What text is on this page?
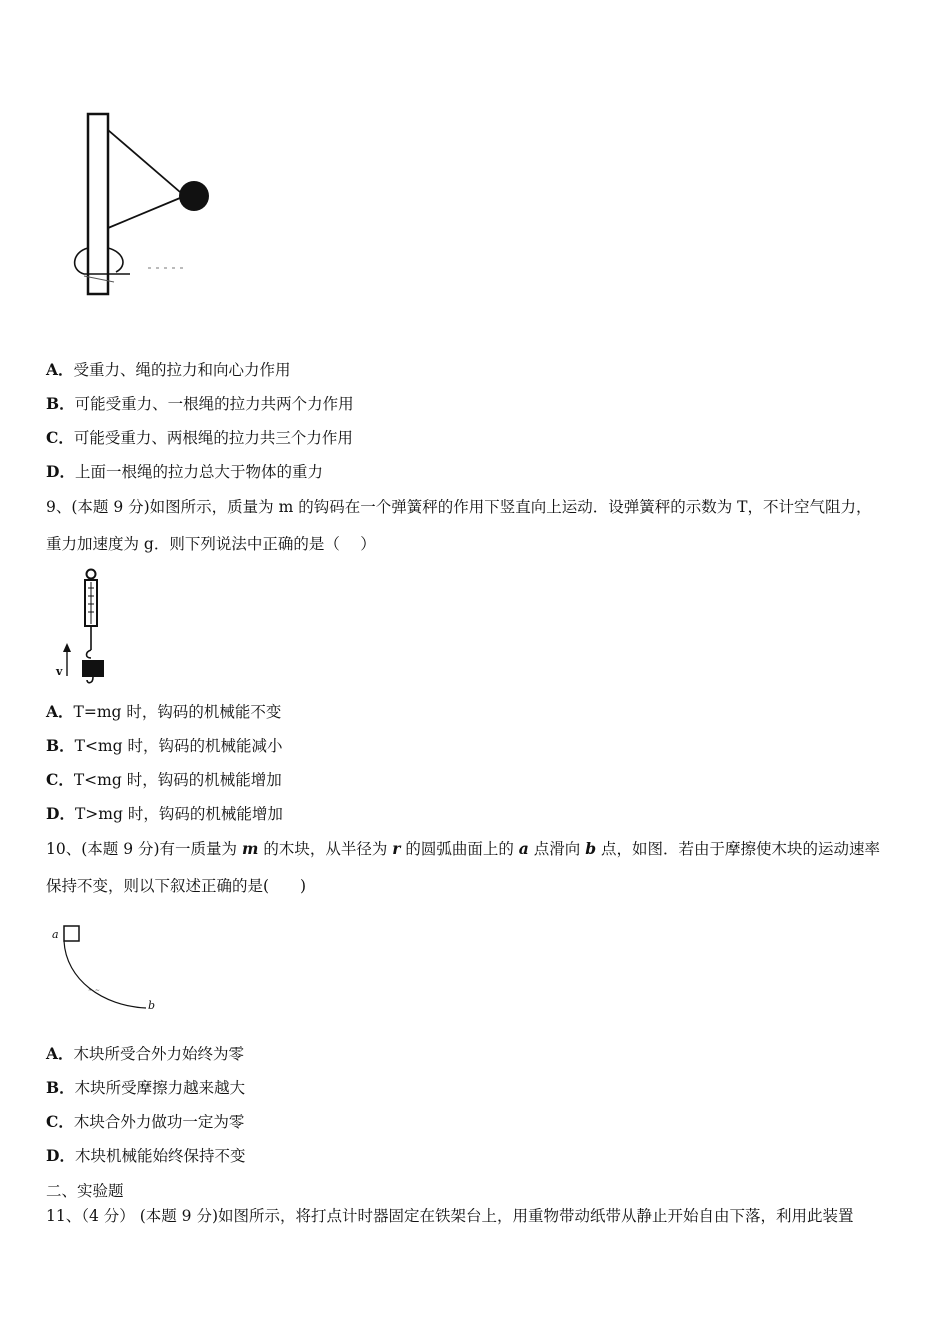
A．受重力、绳的拉力和向心力作用
B．可能受重力、一根绳的拉力共两个力作用
C．可能受重力、两根绳的拉力共三个力作用
D．上面一根绳的拉力总大于物体的重力
9、(本题 9 分)如图所示，质量为 m 的钩码在一个弹簧秤的作用下竖直向上运动．设弹簧秤的示数为 T，不计空气阻力，
重力加速度为 g．则下列说法中正确的是（　 ）
v
A．T=mg 时，钩码的机械能不变
B．T<mg 时，钩码的机械能减小
C．T<mg 时，钩码的机械能增加
D．T>mg 时，钩码的机械能增加
10、(本题 9 分)有一质量为 m 的木块，从半径为 r 的圆弧曲面上的 a 点滑向 b 点，如图．若由于摩擦使木块的运动速率
保持不变，则以下叙述正确的是(　　)
~ ~
a
b
A．木块所受合外力始终为零
B．木块所受摩擦力越来越大
C．木块合外力做功一定为零
D．木块机械能始终保持不变
二、实验题
11、（4 分） (本题 9 分)如图所示，将打点计时器固定在铁架台上，用重物带动纸带从静止开始自由下落，利用此装置
